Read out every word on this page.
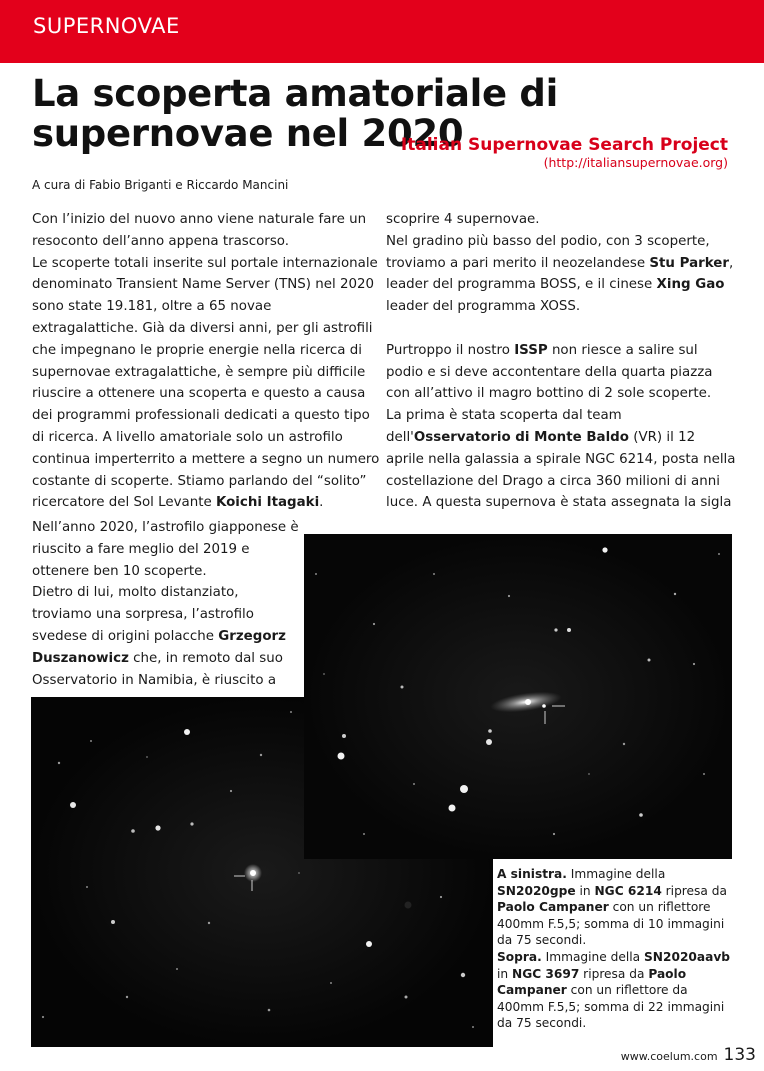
SUPERNOVAE
La scoperta amatoriale di supernovae nel 2020
Italian Supernovae Search Project
(http://italiansupernovae.org)
A cura di Fabio Briganti e Riccardo Mancini

Con l’inizio del nuovo anno viene naturale fare un resoconto dell’anno appena trascorso.

Le scoperte totali inserite sul portale internazionale denominato Transient Name Server (TNS) nel 2020 sono state 19.181, oltre a 65 novae extragalattiche. Già da diversi anni, per gli astrofili che impegnano le proprie energie nella ricerca di supernovae extragalattiche, è sempre più difficile riuscire a ottenere una scoperta e questo a causa dei programmi professionali dedicati a questo tipo di ricerca. A livello amatoriale solo un astrofilo continua imperterrito a mettere a segno un numero costante di scoperte. Stiamo parlando del “solito” ricercatore del Sol Levante Koichi Itagaki.

Nell’anno 2020, l’astrofilo giapponese è riuscito a fare meglio del 2019 e ottenere ben 10 scoperte.

Dietro di lui, molto distanziato, troviamo una sorpresa, l’astrofilo svedese di origini polacche Grzegorz Duszanowicz che, in remoto dal suo Osservatorio in Namibia, è riuscito a

scoprire 4 supernovae.

Nel gradino più basso del podio, con 3 scoperte, troviamo a pari merito il neozelandese Stu Parker, leader del programma BOSS, e il cinese Xing Gao leader del programma XOSS.

Purtroppo il nostro ISSP non riesce a salire sul podio e si deve accontentare della quarta piazza con all’attivo il magro bottino di 2 sole scoperte.

La prima è stata scoperta dal team dell'Osservatorio di Monte Baldo (VR) il 12 aprile nella galassia a spirale NGC 6214, posta nella costellazione del Drago a circa 360 milioni di anni luce. A questa supernova è stata assegnata la sigla

A sinistra. Immagine della SN2020gpe in NGC 6214 ripresa da Paolo Campaner con un riflettore 400mm F.5,5; somma di 10 immagini da 75 secondi.

Sopra. Immagine della SN2020aavb in NGC 3697 ripresa da Paolo Campaner con un riflettore da 400mm F.5,5; somma di 22 immagini da 75 secondi.

www.coelum.com 133
